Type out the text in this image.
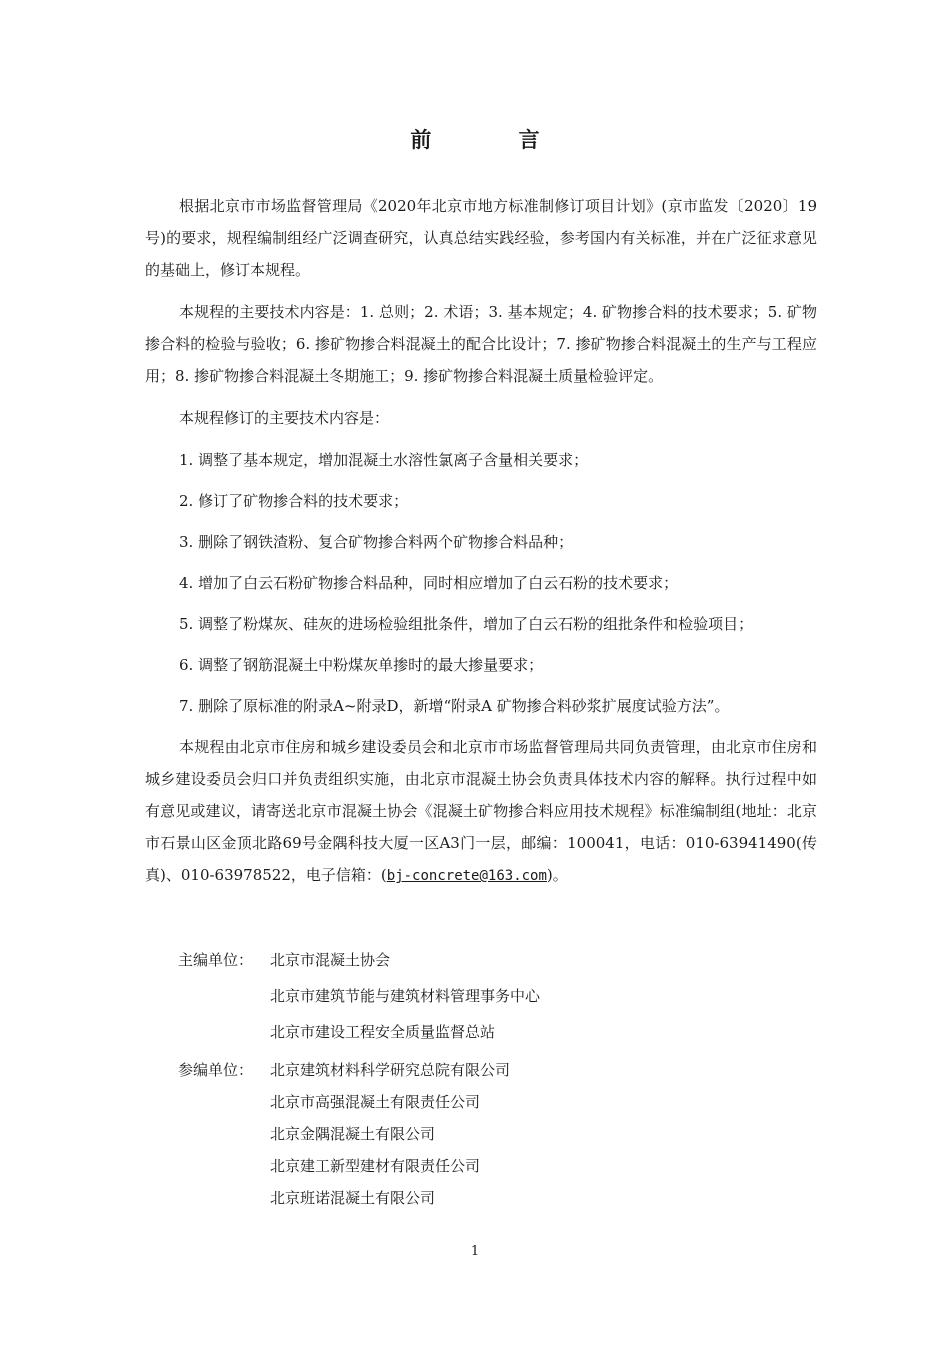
前 言

根据北京市市场监督管理局《2020年北京市地方标准制修订项目计划》(京市监发〔2020〕19号)的要求，规程编制组经广泛调查研究，认真总结实践经验，参考国内有关标准，并在广泛征求意见的基础上，修订本规程。

本规程的主要技术内容是：1. 总则；2. 术语；3. 基本规定；4. 矿物掺合料的技术要求；5. 矿物掺合料的检验与验收；6. 掺矿物掺合料混凝土的配合比设计；7. 掺矿物掺合料混凝土的生产与工程应用；8. 掺矿物掺合料混凝土冬期施工；9. 掺矿物掺合料混凝土质量检验评定。

本规程修订的主要技术内容是：

1. 调整了基本规定，增加混凝土水溶性氯离子含量相关要求；
2. 修订了矿物掺合料的技术要求；
3. 删除了钢铁渣粉、复合矿物掺合料两个矿物掺合料品种；
4. 增加了白云石粉矿物掺合料品种，同时相应增加了白云石粉的技术要求；
5. 调整了粉煤灰、硅灰的进场检验组批条件，增加了白云石粉的组批条件和检验项目；
6. 调整了钢筋混凝土中粉煤灰单掺时的最大掺量要求；
7. 删除了原标准的附录A~附录D，新增“附录A 矿物掺合料砂浆扩展度试验方法”。

本规程由北京市住房和城乡建设委员会和北京市市场监督管理局共同负责管理，由北京市住房和城乡建设委员会归口并负责组织实施，由北京市混凝土协会负责具体技术内容的解释。执行过程中如有意见或建议，请寄送北京市混凝土协会《混凝土矿物掺合料应用技术规程》标准编制组(地址：北京市石景山区金顶北路69号金隅科技大厦一区A3门一层，邮编：100041，电话：010-63941490(传真)、010-63978522，电子信箱：(bj-concrete@163.com)。

主编单位：	北京市混凝土协会
北京市建筑节能与建筑材料管理事务中心
北京市建设工程安全质量监督总站
参编单位：	北京建筑材料科学研究总院有限公司
北京市高强混凝土有限责任公司
北京金隅混凝土有限公司
北京建工新型建材有限责任公司
北京班诺混凝土有限公司
1
